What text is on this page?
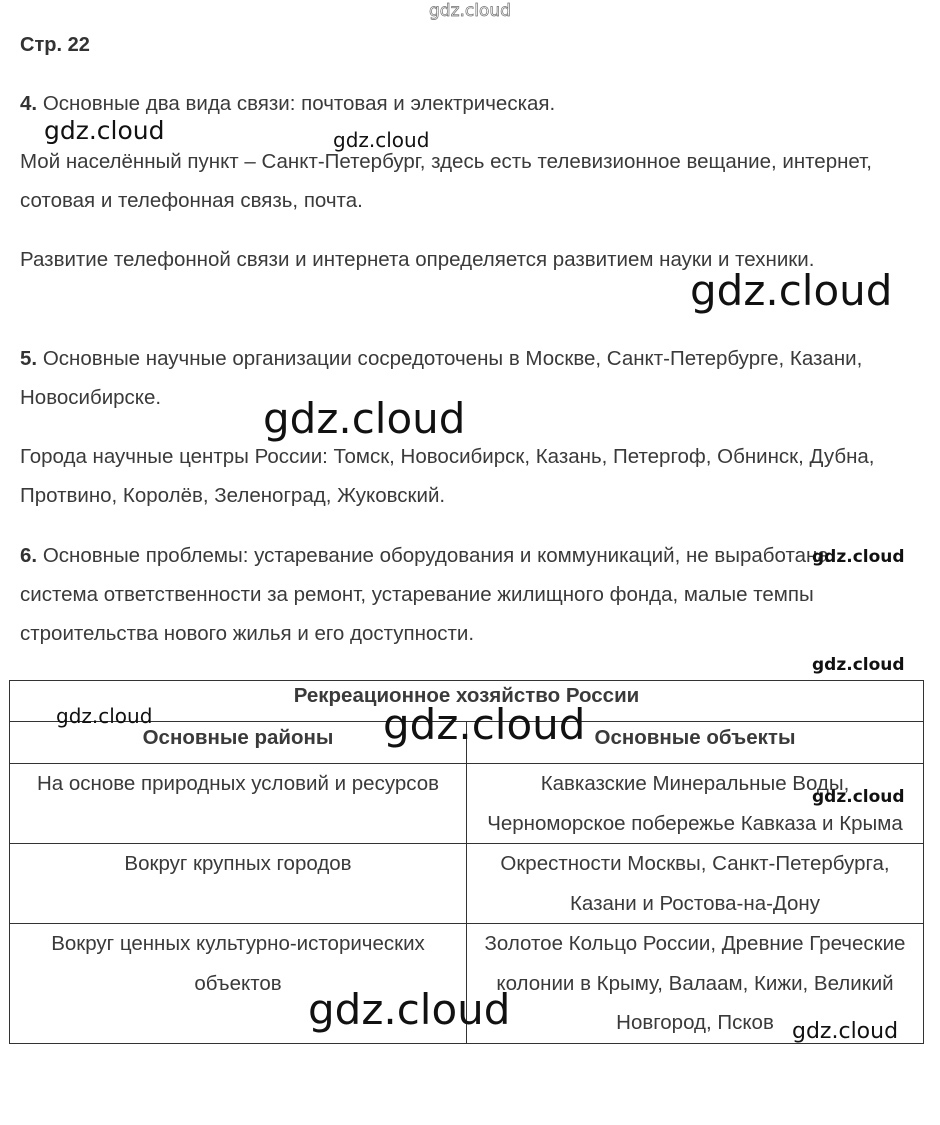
gdz.cloud
Стр. 22
4. Основные два вида связи: почтовая и электрическая.
Мой населённый пункт – Санкт-Петербург, здесь есть телевизионное вещание, интернет, сотовая и телефонная связь, почта.
Развитие телефонной связи и интернета определяется развитием науки и техники.
5. Основные научные организации сосредоточены в Москве, Санкт-Петербурге, Казани, Новосибирске.
Города научные центры России: Томск, Новосибирск, Казань, Петергоф, Обнинск, Дубна, Протвино, Королёв, Зеленоград, Жуковский.
6. Основные проблемы: устаревание оборудования и коммуникаций, не выработана система ответственности за ремонт, устаревание жилищного фонда, малые темпы строительства нового жилья и его доступности.
Рекреационное хозяйство России	
Основные районы	Основные объекты
На основе природных условий и ресурсов	Кавказские Минеральные Воды, Черноморское побережье Кавказа и Крыма
Вокруг крупных городов	Окрестности Москвы, Санкт-Петербурга, Казани и Ростова-на-Дону
Вокруг ценных культурно-исторических объектов	Золотое Кольцо России, Древние Греческие колонии в Крыму, Валаам, Кижи, Великий Новгород, Псков
gdz.cloud	gdz.cloud
gdz.cloud
gdz.cloud
gdz.cloud
gdz.cloud
gdz.cloud	gdz.cloud
gdz.cloud
gdz.cloud	gdz.cloud
